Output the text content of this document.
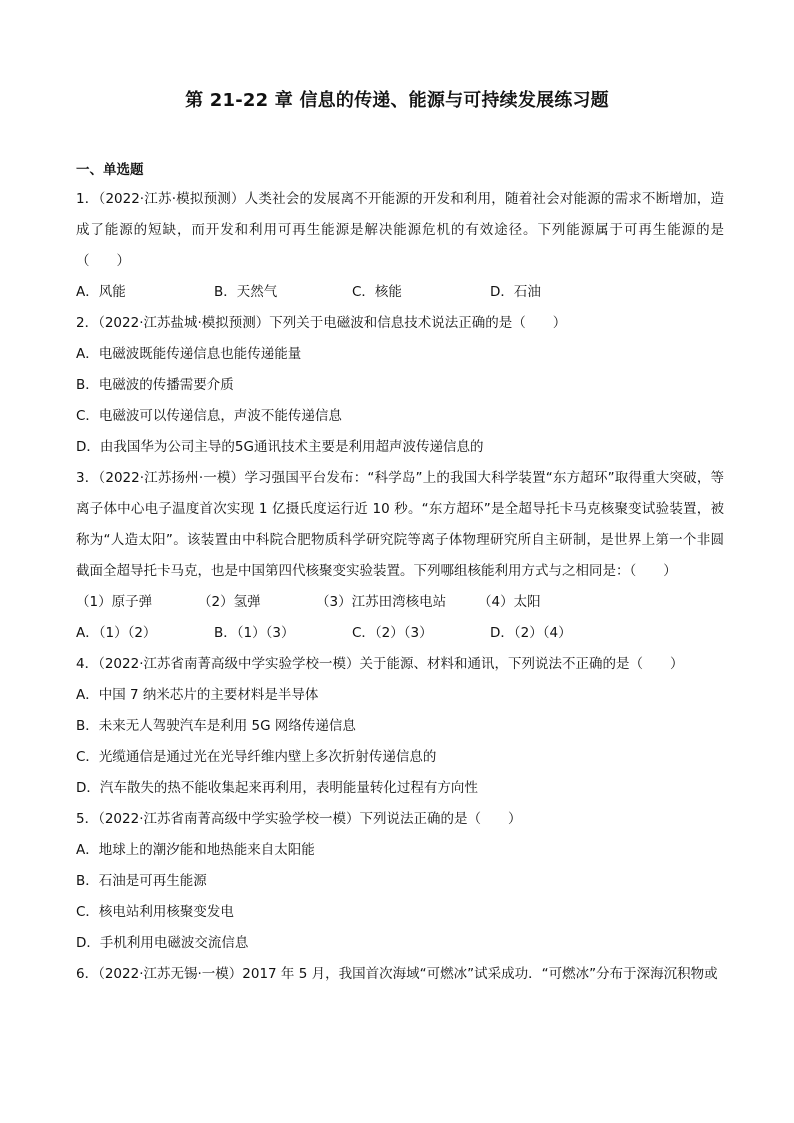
第 21-22 章 信息的传递、能源与可持续发展练习题
一、单选题
1．（2022·江苏·模拟预测）人类社会的发展离不开能源的开发和利用，随着社会对能源的需求不断增加，造成了能源的短缺，而开发和利用可再生能源是解决能源危机的有效途径。下列能源属于可再生能源的是（　　）
A．风能	B．天然气	C．核能	D．石油
2．（2022·江苏盐城·模拟预测）下列关于电磁波和信息技术说法正确的是（　　）
A．电磁波既能传递信息也能传递能量
B．电磁波的传播需要介质
C．电磁波可以传递信息，声波不能传递信息
D．由我国华为公司主导的5G通讯技术主要是利用超声波传递信息的
3．（2022·江苏扬州·一模）学习强国平台发布：“科学岛”上的我国大科学装置“东方超环”取得重大突破，等离子体中心电子温度首次实现 1 亿摄氏度运行近 10 秒。“东方超环”是全超导托卡马克核聚变试验装置，被称为“人造太阳”。该装置由中科院合肥物质科学研究院等离子体物理研究所自主研制，是世界上第一个非圆截面全超导托卡马克，也是中国第四代核聚变实验装置。下列哪组核能利用方式与之相同是：（　　）
（1）原子弹	（2）氢弹	（3）江苏田湾核电站	（4）太阳
A．（1）（2）	B．（1）（3）	C．（2）（3）	D．（2）（4）
4．（2022·江苏省南菁高级中学实验学校一模）关于能源、材料和通讯，下列说法不正确的是（　　）
A．中国 7 纳米芯片的主要材料是半导体
B．未来无人驾驶汽车是利用 5G 网络传递信息
C．光缆通信是通过光在光导纤维内壁上多次折射传递信息的
D．汽车散失的热不能收集起来再利用，表明能量转化过程有方向性
5．（2022·江苏省南菁高级中学实验学校一模）下列说法正确的是（　　）
A．地球上的潮汐能和地热能来自太阳能
B．石油是可再生能源
C．核电站利用核聚变发电
D．手机利用电磁波交流信息
6．（2022·江苏无锡·一模）2017 年 5 月，我国首次海域“可燃冰”试采成功．“可燃冰”分布于深海沉积物或
